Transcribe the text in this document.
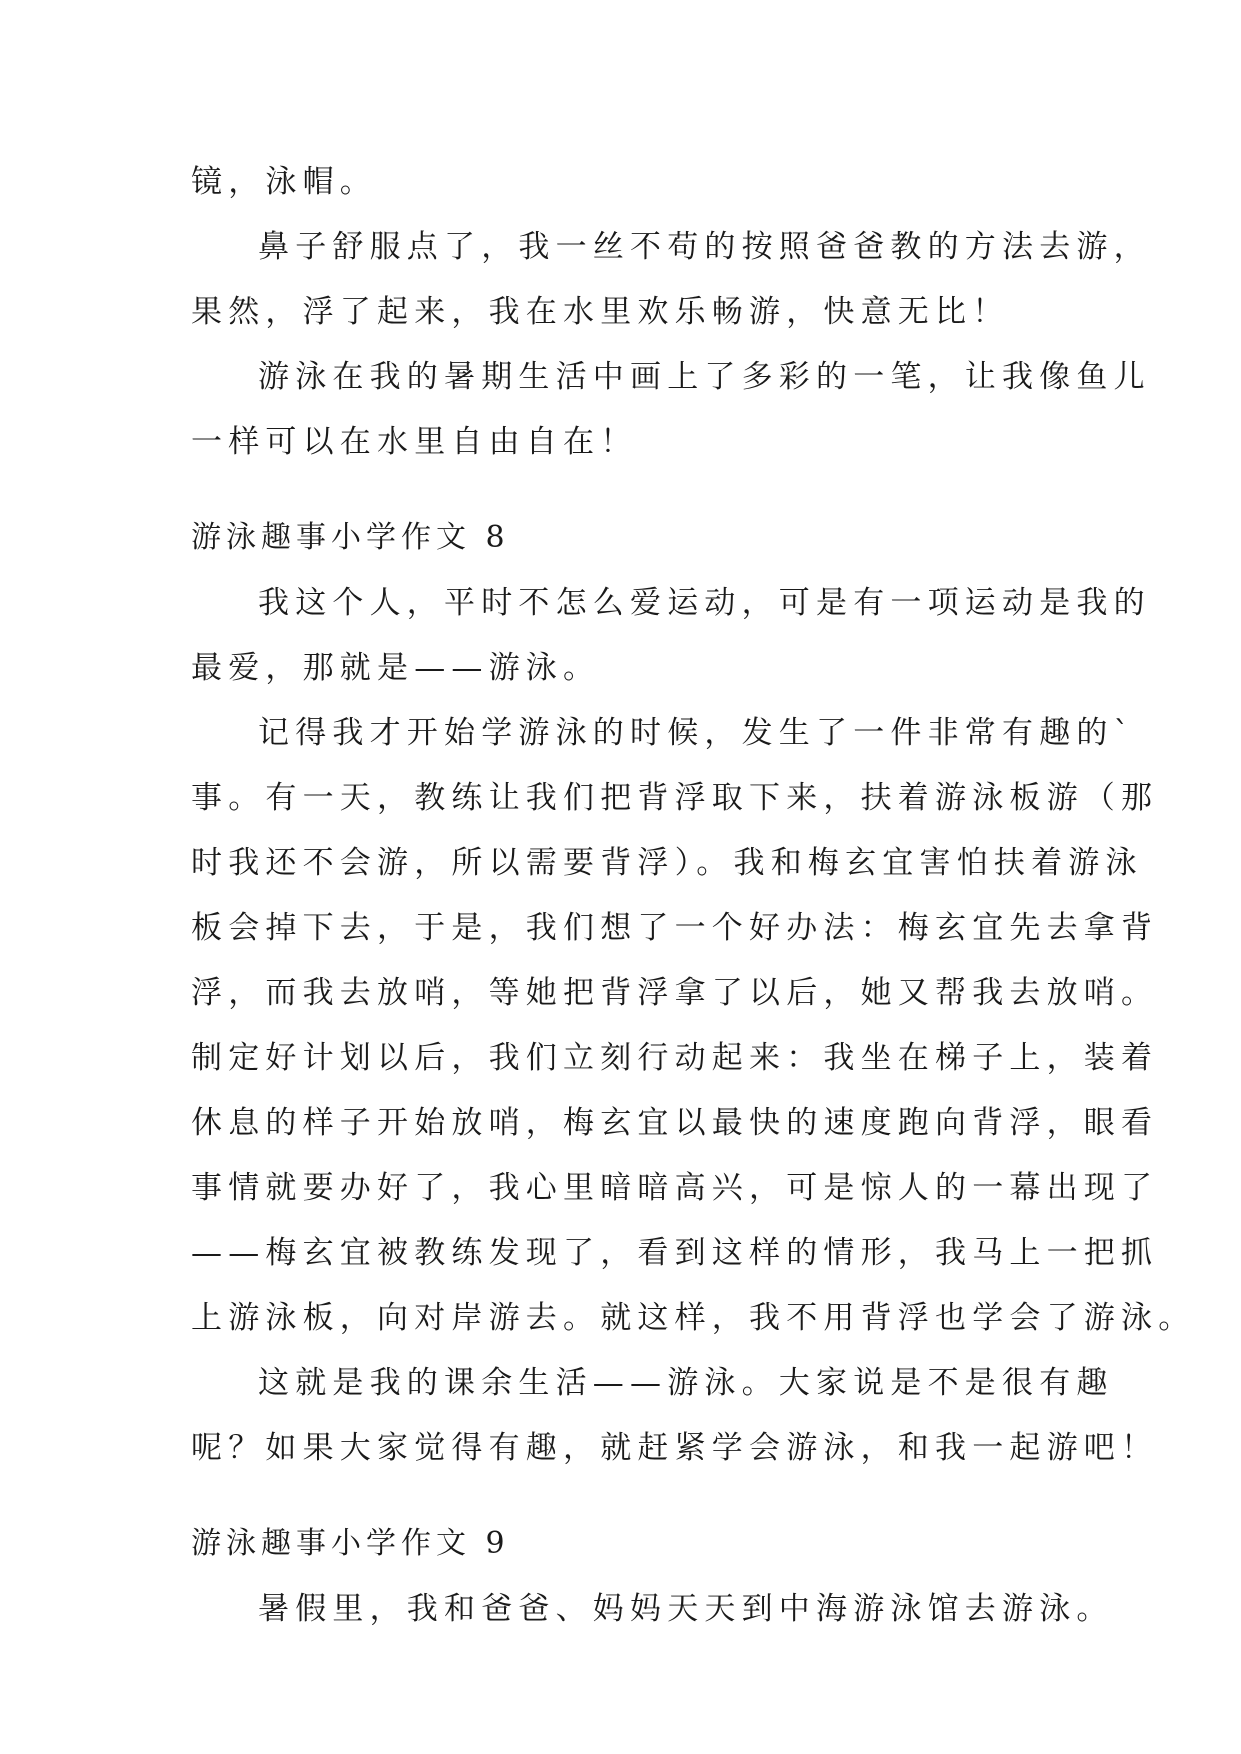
镜，泳帽。

鼻子舒服点了，我一丝不苟的按照爸爸教的方法去游，

果然，浮了起来，我在水里欢乐畅游，快意无比！

游泳在我的暑期生活中画上了多彩的一笔，让我像鱼儿

一样可以在水里自由自在！

游泳趣事小学作文 8

我这个人，平时不怎么爱运动，可是有一项运动是我的

最爱，那就是——游泳。

记得我才开始学游泳的时候，发生了一件非常有趣的`

事。有一天，教练让我们把背浮取下来，扶着游泳板游（那

时我还不会游，所以需要背浮）。我和梅玄宜害怕扶着游泳

板会掉下去，于是，我们想了一个好办法：梅玄宜先去拿背

浮，而我去放哨，等她把背浮拿了以后，她又帮我去放哨。

制定好计划以后，我们立刻行动起来：我坐在梯子上，装着

休息的样子开始放哨，梅玄宜以最快的速度跑向背浮，眼看

事情就要办好了，我心里暗暗高兴，可是惊人的一幕出现了

——梅玄宜被教练发现了，看到这样的情形，我马上一把抓

上游泳板，向对岸游去。就这样，我不用背浮也学会了游泳。

这就是我的课余生活——游泳。大家说是不是很有趣

呢？如果大家觉得有趣，就赶紧学会游泳，和我一起游吧！

游泳趣事小学作文 9

暑假里，我和爸爸、妈妈天天到中海游泳馆去游泳。
